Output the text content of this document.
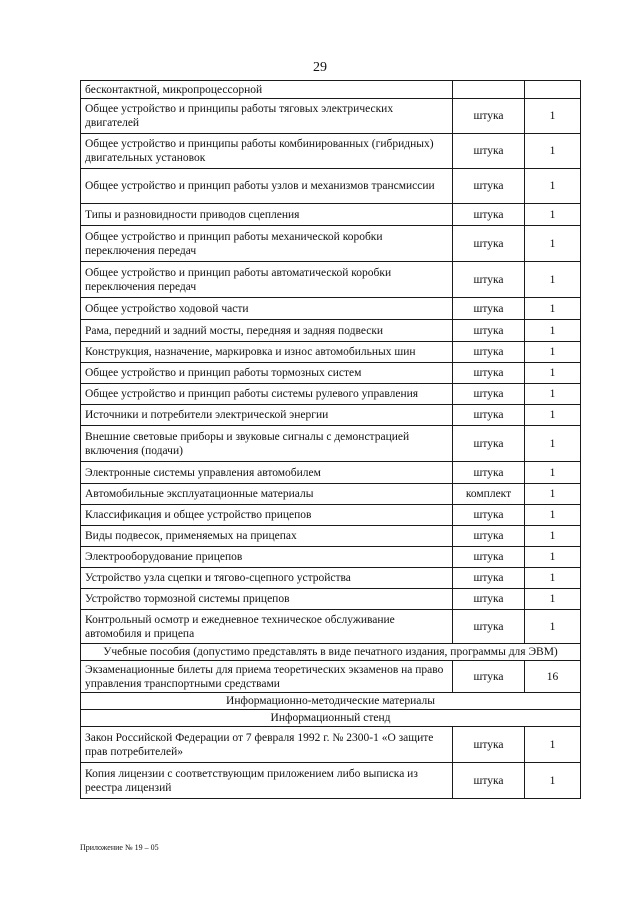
29
бесконтактной, микропроцессорной		
Общее устройство и принципы работы тяговых электрических двигателей	штука	1
Общее устройство и принципы работы комбинированных (гибридных) двигательных установок	штука	1
Общее устройство и принцип работы узлов и механизмов трансмиссии	штука	1
Типы и разновидности приводов сцепления	штука	1
Общее устройство и принцип работы механической коробки переключения передач	штука	1
Общее устройство и принцип работы автоматической коробки переключения передач	штука	1
Общее устройство ходовой части	штука	1
Рама, передний и задний мосты, передняя и задняя подвески	штука	1
Конструкция, назначение, маркировка и износ автомобильных шин	штука	1
Общее устройство и принцип работы тормозных систем	штука	1
Общее устройство и принцип работы системы рулевого управления	штука	1
Источники и потребители электрической энергии	штука	1
Внешние световые приборы и звуковые сигналы с демонстрацией включения (подачи)	штука	1
Электронные системы управления автомобилем	штука	1
Автомобильные эксплуатационные материалы	комплект	1
Классификация и общее устройство прицепов	штука	1
Виды подвесок, применяемых на прицепах	штука	1
Электрооборудование прицепов	штука	1
Устройство узла сцепки и тягово-сцепного устройства	штука	1
Устройство тормозной системы прицепов	штука	1
Контрольный осмотр и ежедневное техническое обслуживание автомобиля и прицепа	штука	1
Учебные пособия (допустимо представлять в виде печатного издания, программы для ЭВМ)		
Экзаменационные билеты для приема теоретических экзаменов на право управления транспортными средствами	штука	16
Информационно-методические материалы		
Информационный стенд		
Закон Российской Федерации от 7 февраля 1992 г. № 2300-1 «О защите прав потребителей»	штука	1
Копия лицензии с соответствующим приложением либо выписка из реестра лицензий	штука	1
Приложение № 19 – 05
